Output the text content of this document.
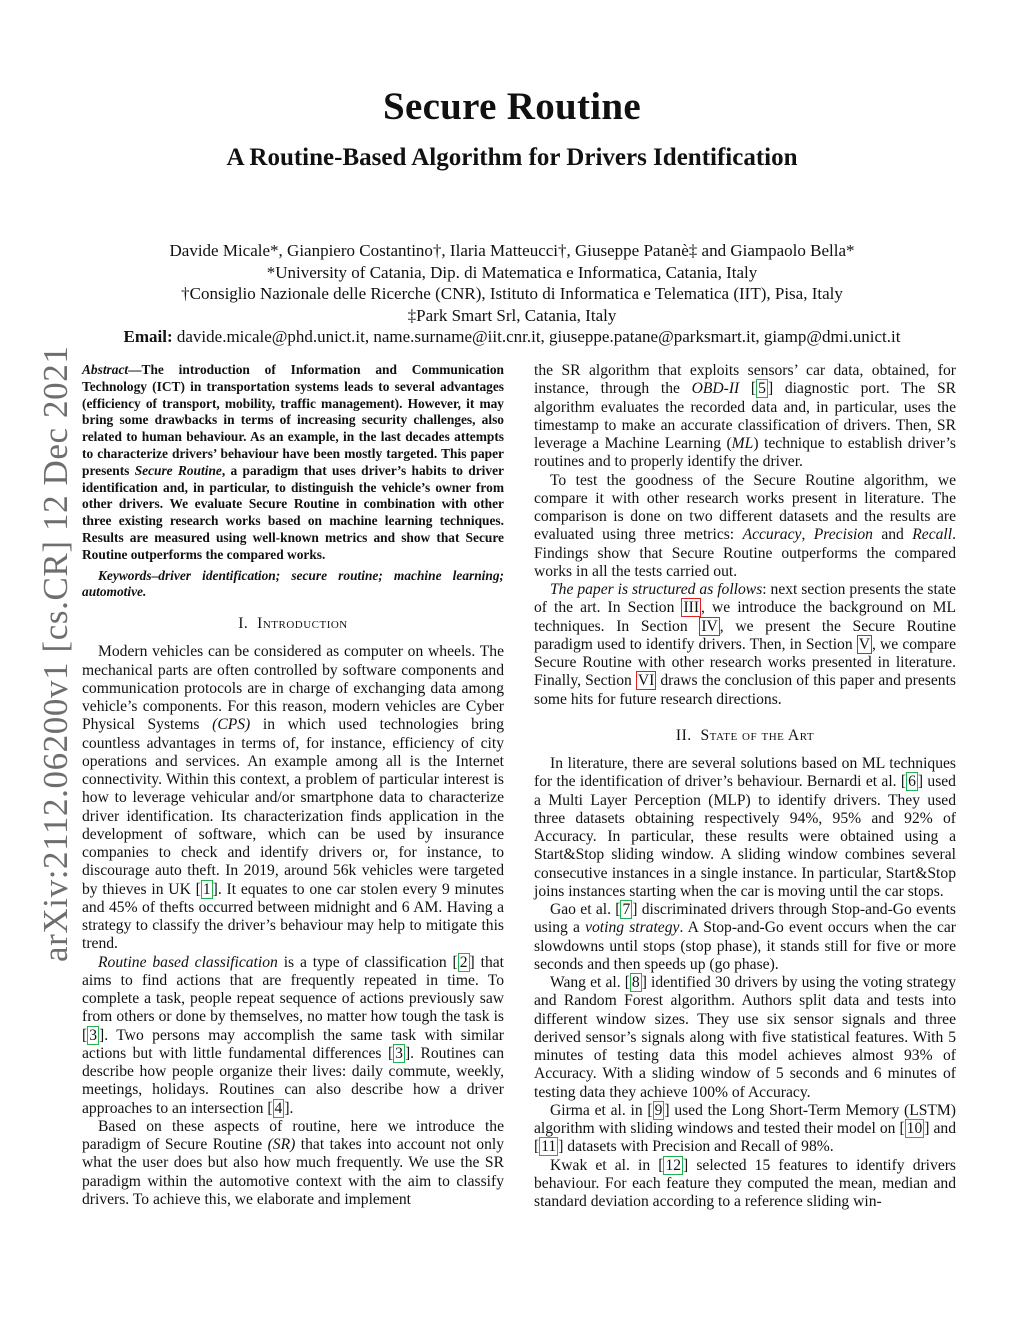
Secure Routine
A Routine-Based Algorithm for Drivers Identification
Davide Micale*, Gianpiero Costantino†, Ilaria Matteucci†, Giuseppe Patanè‡ and Giampaolo Bella*
*University of Catania, Dip. di Matematica e Informatica, Catania, Italy
†Consiglio Nazionale delle Ricerche (CNR), Istituto di Informatica e Telematica (IIT), Pisa, Italy
‡Park Smart Srl, Catania, Italy
Email: davide.micale@phd.unict.it, name.surname@iit.cnr.it, giuseppe.patane@parksmart.it, giamp@dmi.unict.it
arXiv:2112.06200v1 [cs.CR] 12 Dec 2021 Abstract—The introduction of Information and Communication Technology (ICT) in transportation systems leads to several advantages (efficiency of transport, mobility, traffic management). However, it may bring some drawbacks in terms of increasing security challenges, also related to human behaviour. As an example, in the last decades attempts to characterize drivers’ behaviour have been mostly targeted. This paper presents Secure Routine, a paradigm that uses driver’s habits to driver identification and, in particular, to distinguish the vehicle’s owner from other drivers. We evaluate Secure Routine in combination with other three existing research works based on machine learning techniques. Results are measured using well-known metrics and show that Secure Routine outperforms the compared works.

Keywords–driver identification; secure routine; machine learning; automotive.

I. Introduction

Modern vehicles can be considered as computer on wheels. The mechanical parts are often controlled by software components and communication protocols are in charge of exchanging data among vehicle’s components. For this reason, modern vehicles are Cyber Physical Systems (CPS) in which used technologies bring countless advantages in terms of, for instance, efficiency of city operations and services. An example among all is the Internet connectivity. Within this context, a problem of particular interest is how to leverage vehicular and/or smartphone data to characterize driver identification. Its characterization finds application in the development of software, which can be used by insurance companies to check and identify drivers or, for instance, to discourage auto theft. In 2019, around 56k vehicles were targeted by thieves in UK [ 1 ]. It equates to one car stolen every 9 minutes and 45% of thefts occurred between midnight and 6 AM. Having a strategy to classify the driver’s behaviour may help to mitigate this trend.

Routine based classification is a type of classification [ 2 ] that aims to find actions that are frequently repeated in time. To complete a task, people repeat sequence of actions previously saw from others or done by themselves, no matter how tough the task is [ 3 ]. Two persons may accomplish the same task with similar actions but with little fundamental differences [ 3 ]. Routines can describe how people organize their lives: daily commute, weekly, meetings, holidays. Routines can also describe how a driver approaches to an intersection [ 4 ].

Based on these aspects of routine, here we introduce the paradigm of Secure Routine (SR) that takes into account not only what the user does but also how much frequently. We use the SR paradigm within the automotive context with the aim to classify drivers. To achieve this, we elaborate and implement

the SR algorithm that exploits sensors’ car data, obtained, for instance, through the OBD-II [ 5 ] diagnostic port. The SR algorithm evaluates the recorded data and, in particular, uses the timestamp to make an accurate classification of drivers. Then, SR leverage a Machine Learning (ML) technique to establish driver’s routines and to properly identify the driver.

To test the goodness of the Secure Routine algorithm, we compare it with other research works present in literature. The comparison is done on two different datasets and the results are evaluated using three metrics: Accuracy, Precision and Recall. Findings show that Secure Routine outperforms the compared works in all the tests carried out.

The paper is structured as follows: next section presents the state of the art. In Section III , we introduce the background on ML techniques. In Section IV , we present the Secure Routine paradigm used to identify drivers. Then, in Section V , we compare Secure Routine with other research works presented in literature. Finally, Section VI draws the conclusion of this paper and presents some hits for future research directions.

II. State of the Art

In literature, there are several solutions based on ML techniques for the identification of driver’s behaviour. Bernardi et al. [ 6 ] used a Multi Layer Perception (MLP) to identify drivers. They used three datasets obtaining respectively 94%, 95% and 92% of Accuracy. In particular, these results were obtained using a Start&Stop sliding window. A sliding window combines several consecutive instances in a single instance. In particular, Start&Stop joins instances starting when the car is moving until the car stops.

Gao et al. [ 7 ] discriminated drivers through Stop-and-Go events using a voting strategy. A Stop-and-Go event occurs when the car slowdowns until stops (stop phase), it stands still for five or more seconds and then speeds up (go phase).

Wang et al. [ 8 ] identified 30 drivers by using the voting strategy and Random Forest algorithm. Authors split data and tests into different window sizes. They use six sensor signals and three derived sensor’s signals along with five statistical features. With 5 minutes of testing data this model achieves almost 93% of Accuracy. With a sliding window of 5 seconds and 6 minutes of testing data they achieve 100% of Accuracy.

Girma et al. in [ 9 ] used the Long Short-Term Memory (LSTM) algorithm with sliding windows and tested their model on [ 10 ] and [ 11 ] datasets with Precision and Recall of 98%.

Kwak et al. in [ 12 ] selected 15 features to identify drivers behaviour. For each feature they computed the mean, median and standard deviation according to a reference sliding win-
